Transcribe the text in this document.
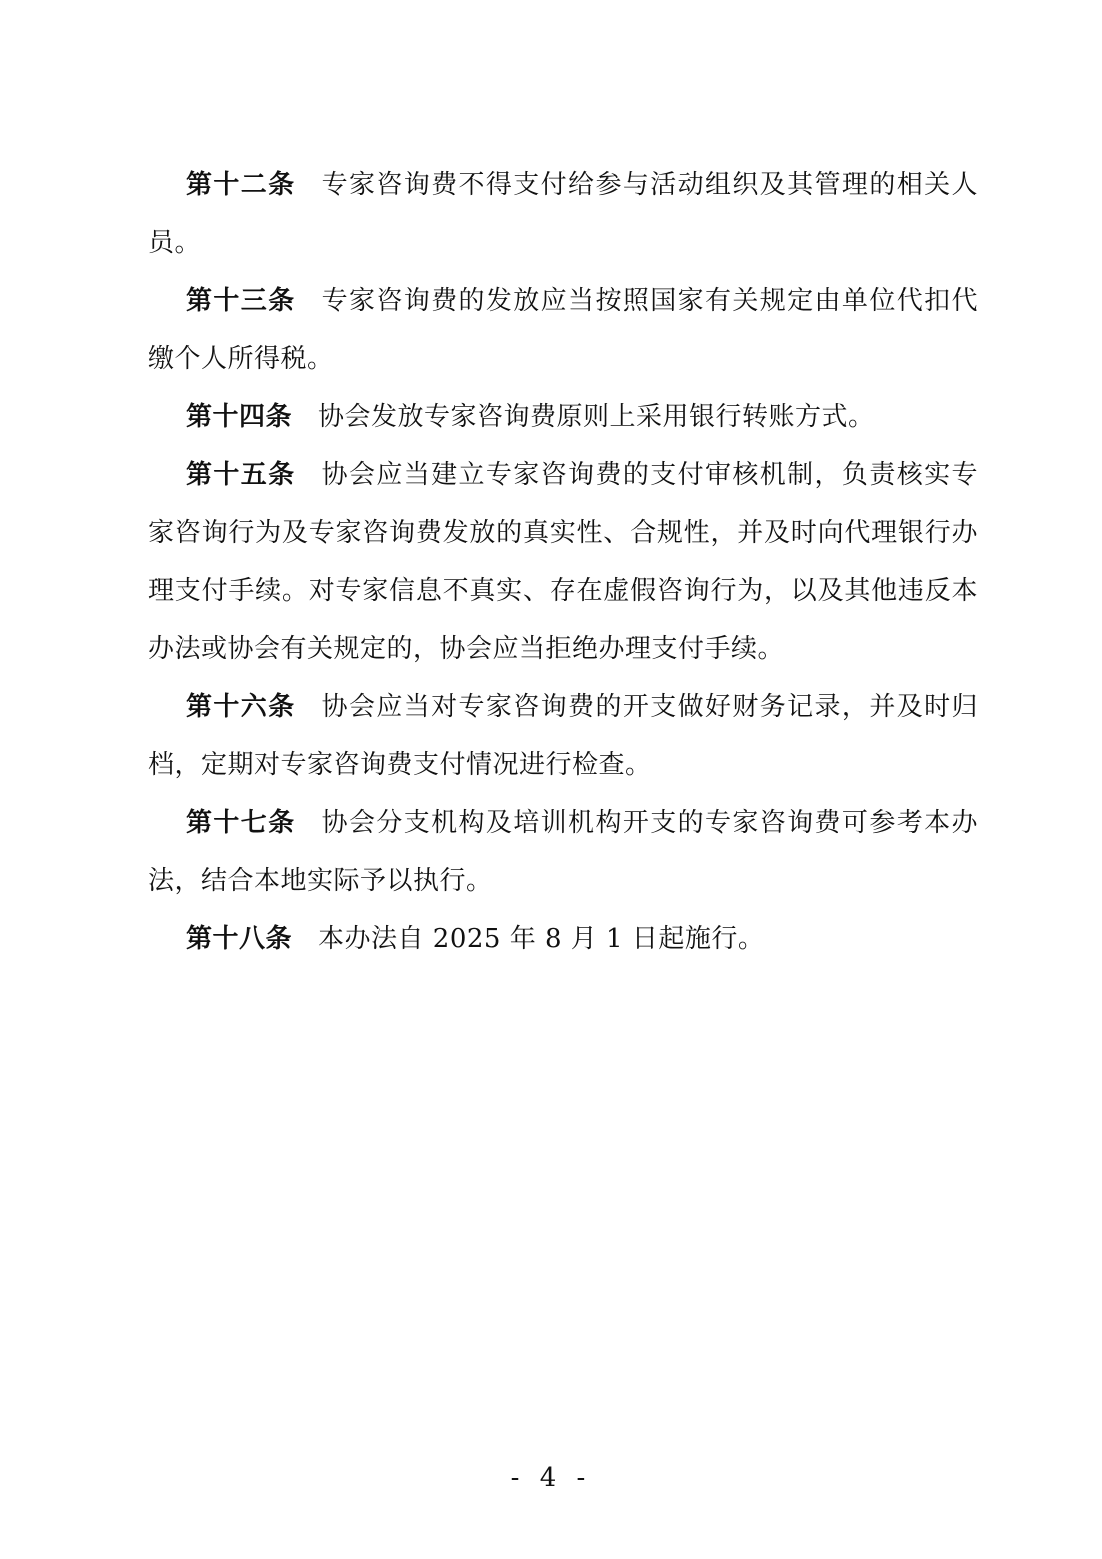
第十二条 专家咨询费不得支付给参与活动组织及其管理的相关人员。

第十三条 专家咨询费的发放应当按照国家有关规定由单位代扣代缴个人所得税。

第十四条 协会发放专家咨询费原则上采用银行转账方式。

第十五条 协会应当建立专家咨询费的支付审核机制，负责核实专家咨询行为及专家咨询费发放的真实性、合规性，并及时向代理银行办理支付手续。对专家信息不真实、存在虚假咨询行为，以及其他违反本办法或协会有关规定的，协会应当拒绝办理支付手续。

第十六条 协会应当对专家咨询费的开支做好财务记录，并及时归档，定期对专家咨询费支付情况进行检查。

第十七条 协会分支机构及培训机构开支的专家咨询费可参考本办法，结合本地实际予以执行。

第十八条 本办法自 2025 年 8 月 1 日起施行。

- 4 -
